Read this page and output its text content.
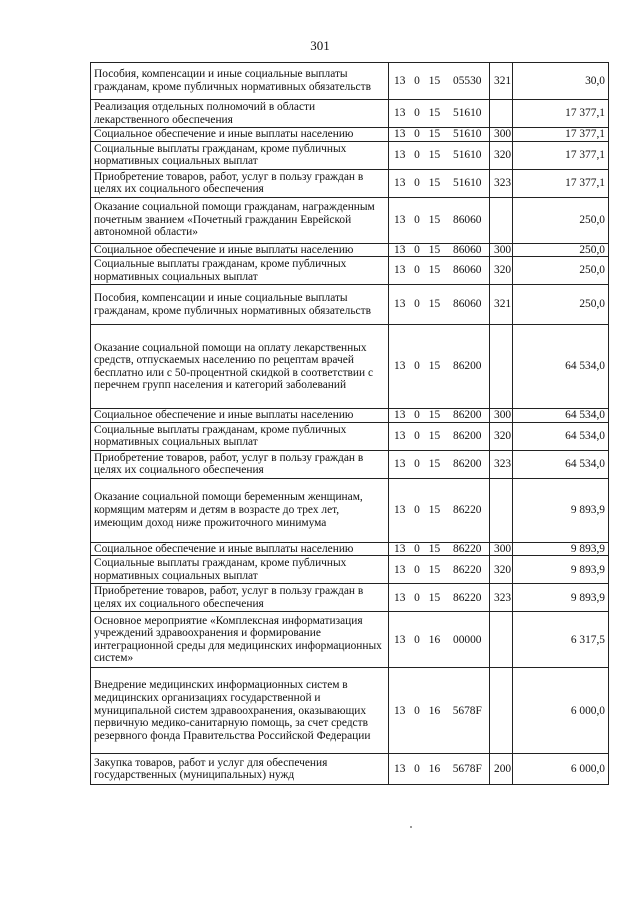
301
Пособия, компенсации и иные социальные выплаты гражданам, кроме публичных нормативных обязательств	13	0	15	05530	321	30,0
Реализация отдельных полномочий в области лекарственного обеспечения	13	0	15	51610		17 377,1
Социальное обеспечение и иные выплаты населению	13	0	15	51610	300	17 377,1
Социальные выплаты гражданам, кроме публичных нормативных социальных выплат	13	0	15	51610	320	17 377,1
Приобретение товаров, работ, услуг в пользу граждан в целях их социального обеспечения	13	0	15	51610	323	17 377,1
Оказание социальной помощи гражданам, награжденным почетным званием «Почетный гражданин Еврейской автономной области»	13	0	15	86060		250,0
Социальное обеспечение и иные выплаты населению	13	0	15	86060	300	250,0
Социальные выплаты гражданам, кроме публичных нормативных социальных выплат	13	0	15	86060	320	250,0
Пособия, компенсации и иные социальные выплаты гражданам, кроме публичных нормативных обязательств	13	0	15	86060	321	250,0
Оказание социальной помощи на оплату лекарственных средств, отпускаемых населению по рецептам врачей бесплатно или с 50-процентной скидкой в соответствии с перечнем групп населения и категорий заболеваний	13	0	15	86200		64 534,0
Социальное обеспечение и иные выплаты населению	13	0	15	86200	300	64 534,0
Социальные выплаты гражданам, кроме публичных нормативных социальных выплат	13	0	15	86200	320	64 534,0
Приобретение товаров, работ, услуг в пользу граждан в целях их социального обеспечения	13	0	15	86200	323	64 534,0
Оказание социальной помощи беременным женщинам, кормящим матерям и детям в возрасте до трех лет, имеющим доход ниже прожиточного минимума	13	0	15	86220		9 893,9
Социальное обеспечение и иные выплаты населению	13	0	15	86220	300	9 893,9
Социальные выплаты гражданам, кроме публичных нормативных социальных выплат	13	0	15	86220	320	9 893,9
Приобретение товаров, работ, услуг в пользу граждан в целях их социального обеспечения	13	0	15	86220	323	9 893,9
Основное мероприятие «Комплексная информатизация учреждений здравоохранения и формирование интеграционной среды для медицинских информационных систем»	13	0	16	00000		6 317,5
Внедрение медицинских информационных систем в медицинских организациях государственной и муниципальной систем здравоохранения, оказывающих первичную медико-санитарную помощь, за счет средств резервного фонда Правительства Российской Федерации	13	0	16	5678F		6 000,0
Закупка товаров, работ и услуг для обеспечения государственных (муниципальных) нужд	13	0	16	5678F	200	6 000,0
